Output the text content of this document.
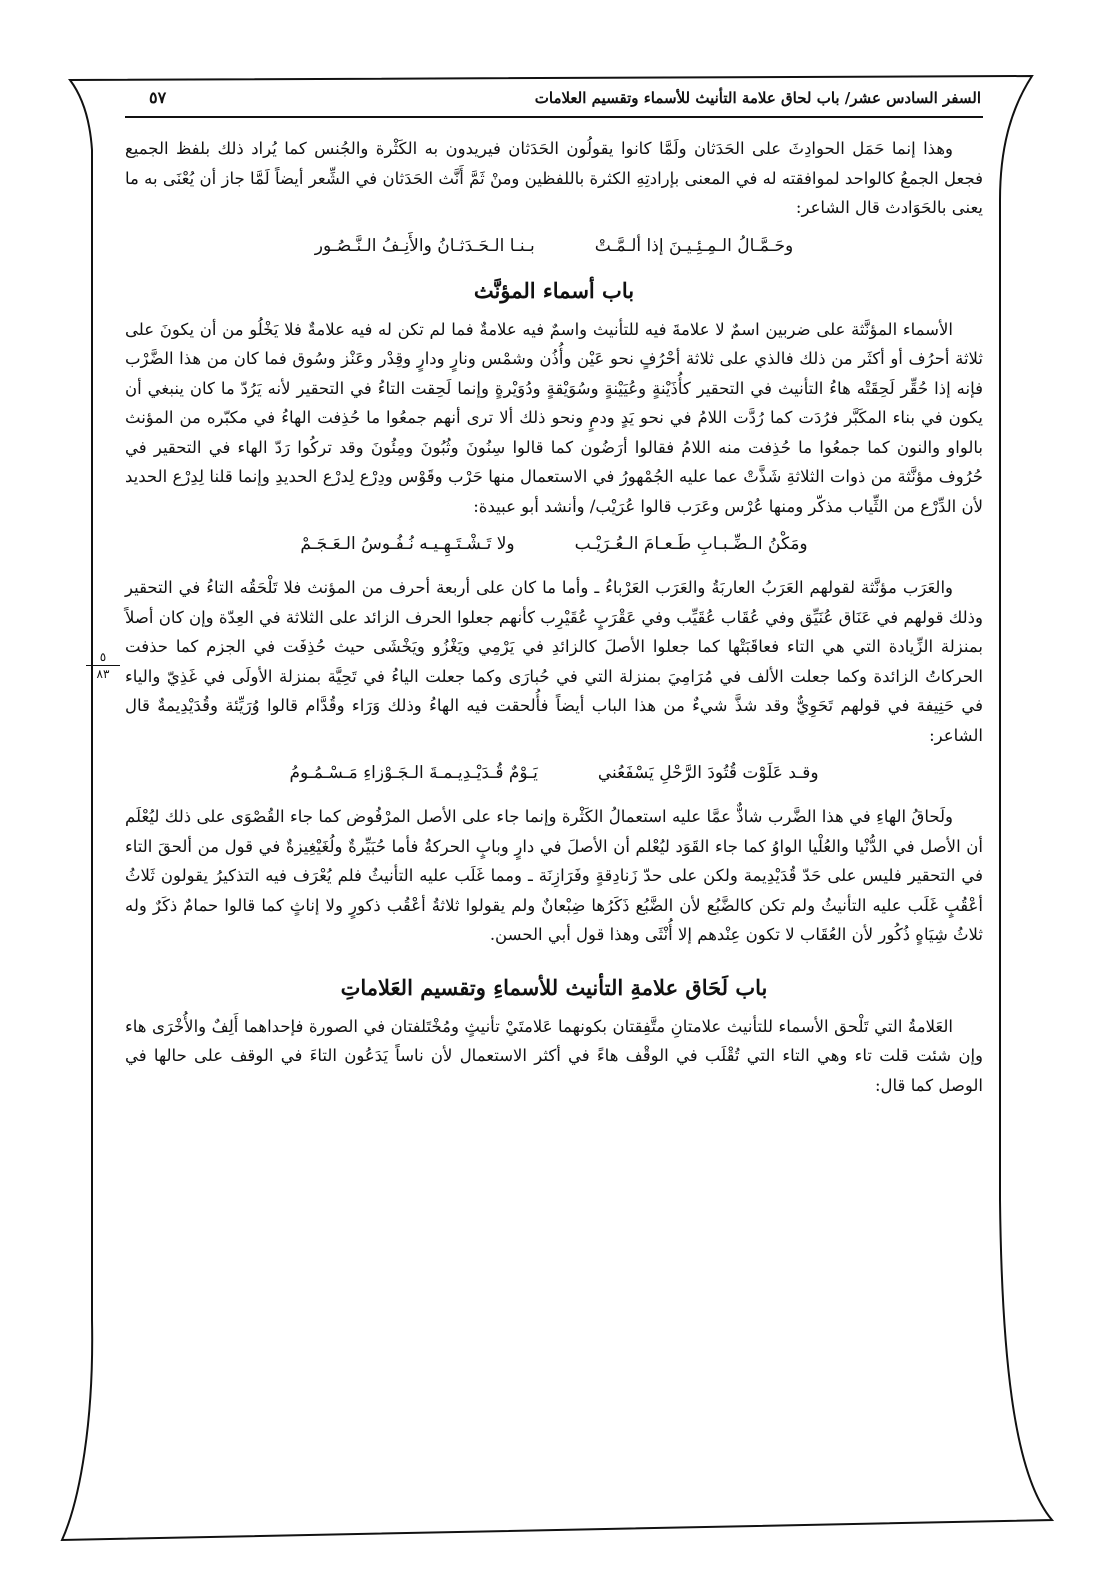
٥
٨٣
السفر السادس عشر/ باب لحاق علامة التأنيث للأسماء وتقسيم العلامات
٥٧

وهذا إنما حَمَل الحوادِثَ على الحَدَثان ولَمَّا كانوا يقولُون الحَدَثان فيريدون به الكَثْرة والجُنس كما يُراد ذلك بلفظ الجميع فجعل الجمعُ كالواحد لموافقته له في المعنى بإرادتِهِ الكثرة باللفظين ومنْ ثَمَّ أَنَّث الحَدَثان في الشِّعر أيضاً لَمَّا جاز أن يُعْنَى به ما يعنى بالحَوَادث قال الشاعر:

وحَـمَّـالُ الـمِـئِـيـنَ إذا ألـمَّـتْ
بـنـا الـحَـدَثـانُ والأَنِـفُ الـنَّـصُـور
باب أسماء المؤنَّث

الأسماء المؤنَّثة على ضربين اسمٌ لا علامةَ فيه للتأنيث واسمٌ فيه علامةٌ فما لم تكن له فيه علامةٌ فلا يَخْلُو من أن يكونَ على ثلاثة أحرُف أو أكثَر من ذلك فالذي على ثلاثة أحْرُفٍ نحو عَيْن وأُذُن وشمْس ونارٍ ودارٍ وقِدْر وعَنْز وسُوق فما كان من هذا الضَّرْب فإنه إذا حُقِّر لَحِقَتْه هاءُ التأنيث في التحقير كأُذَيْنةٍ وعُيَيْنةٍ وسُوَيْقةٍ ودُوَيْرةٍ وإنما لَحِقت التاءُ في التحقير لأنه يَرُدّ ما كان ينبغي أن يكون في بناء المكَبَّر فرُدَت كما رُدَّت اللامُ في نحو يَدٍ ودمٍ ونحو ذلك ألا ترى أنهم جمعُوا ما حُذِفت الهاءُ في مكبّره من المؤنث بالواو والنون كما جمعُوا ما حُذِفت منه اللامُ فقالوا أرَضُون كما قالوا سِنُونَ وثُبُونَ ومِئُونَ وقد تركُوا رَدّ الهاء في التحقير في حُرُوف مؤنَّثة من ذوات الثلاثةِ شَذَّتْ عما عليه الجُمْهورُ في الاستعمال منها حَرْب وقَوْس ودِرْع لِدرْع الحديدِ وإنما قلنا لِدِرْع الحديد لأن الدِّرْع من الثِّياب مذكّر ومنها عُرْس وعَرَب قالوا عُرَيْب/ وأنشد أبو عبيدة:

ومَكْنُ الـضِّـبـابِ طَـعـامَ الـعُـرَيْـب
ولا تَـشْـتَـهِـيـه نُـفُـوسُ الـعَـجَـمْ

والعَرَب مؤنَّثة لقولهم العَرَبُ العاربَةُ والعَرَب العَرْباءُ ـ وأما ما كان على أربعة أحرف من المؤنث فلا تَلْحَقُه التاءُ في التحقير وذلك قولهم في عَنَاق عُنَيِّق وفي عُقَاب عُقَيِّب وفي عَقْرَبٍ عُقَيْرِب كأنهم جعلوا الحرف الزائد على الثلاثة في العِدّة وإن كان أصلاً بمنزلة الزِّيادة التي هي التاء فعاقَبَتْها كما جعلوا الأصلَ كالزائدِ في يَرْمِي ويَغْزُو ويَخْشَى حيث حُذِفَت في الجزم كما حذفت الحركاتُ الزائدة وكما جعلت الألف في مُرَامِيَ بمنزلة التي في حُبارَى وكما جعلت الياءُ في تَحِيَّة بمنزلة الأولَى في غَذِيّ والياء في حَنِيفة في قولهم تَحَوِيٌّ وقد شذَّ شيءٌ من هذا الباب أيضاً فأُلحقت فيه الهاءُ وذلك وَرَاء وقُدَّام قالوا وُرَيِّئة وقُدَيْدِيمةٌ قال الشاعر:

وقـد عَلَوْت قُتُودَ الرَّحْلِ يَسْفَعُني
يَـوْمٌ قُـدَيْـدِيـمـةَ الـجَـوْزاءِ مَـسْـمُـومُ

ولَحاقُ الهاءِ في هذا الضَّرب شاذٌّ عمَّا عليه استعمالُ الكَثْرة وإنما جاء على الأصل المرْفُوض كما جاء القُصْوَى على ذلك ليُعْلَم أن الأصل في الدُّنْيا والعُلْيا الواوُ كما جاء القَوَد ليُعْلم أن الأصلَ في دارٍ وبابٍ الحركةُ فأما حُبَيِّرةٌ ولُغَيْغِيزةٌ في قول من ألحقَ التاء في التحقير فليس على حَدّ قُدَيْدِيمة ولكن على حدّ زَنادِقةٍ وفَرَازِنَة ـ ومما غَلَب عليه التأنيثُ فلم يُعْرَف فيه التذكيرُ يقولون ثَلاثُ أعْقُبٍ غَلَب عليه التأنيثُ ولم تكن كالضَّبُع لأن الضَّبُع ذَكَرُها ضِبْعانٌ ولم يقولوا ثلاثةُ أعْقُب ذكورٍ ولا إناثٍ كما قالوا حمامٌ ذكَرٌ وله ثلاثُ شِيَاهٍ ذُكُور لأن العُقَاب لا تكون عِنْدهم إلا أُنْثَى وهذا قول أبي الحسن.

باب لَحَاق علامةِ التأنيث للأسماءِ وتقسيم العَلاماتِ

العَلامةُ التي تَلْحق الأسماء للتأنيث علامتانِ متَّفِقتان بكونهما عَلامتَيْ تأنيثٍ ومُخْتَلفتان في الصورة فإحداهما أَلِفٌ والأُخْرَى هاء وإن شئت قلت تاء وهي التاء التي تُقْلَب في الوقْف هاءً في أكثر الاستعمال لأن ناساً يَدَعُون التاءَ في الوقف على حالها في الوصل كما قال:
